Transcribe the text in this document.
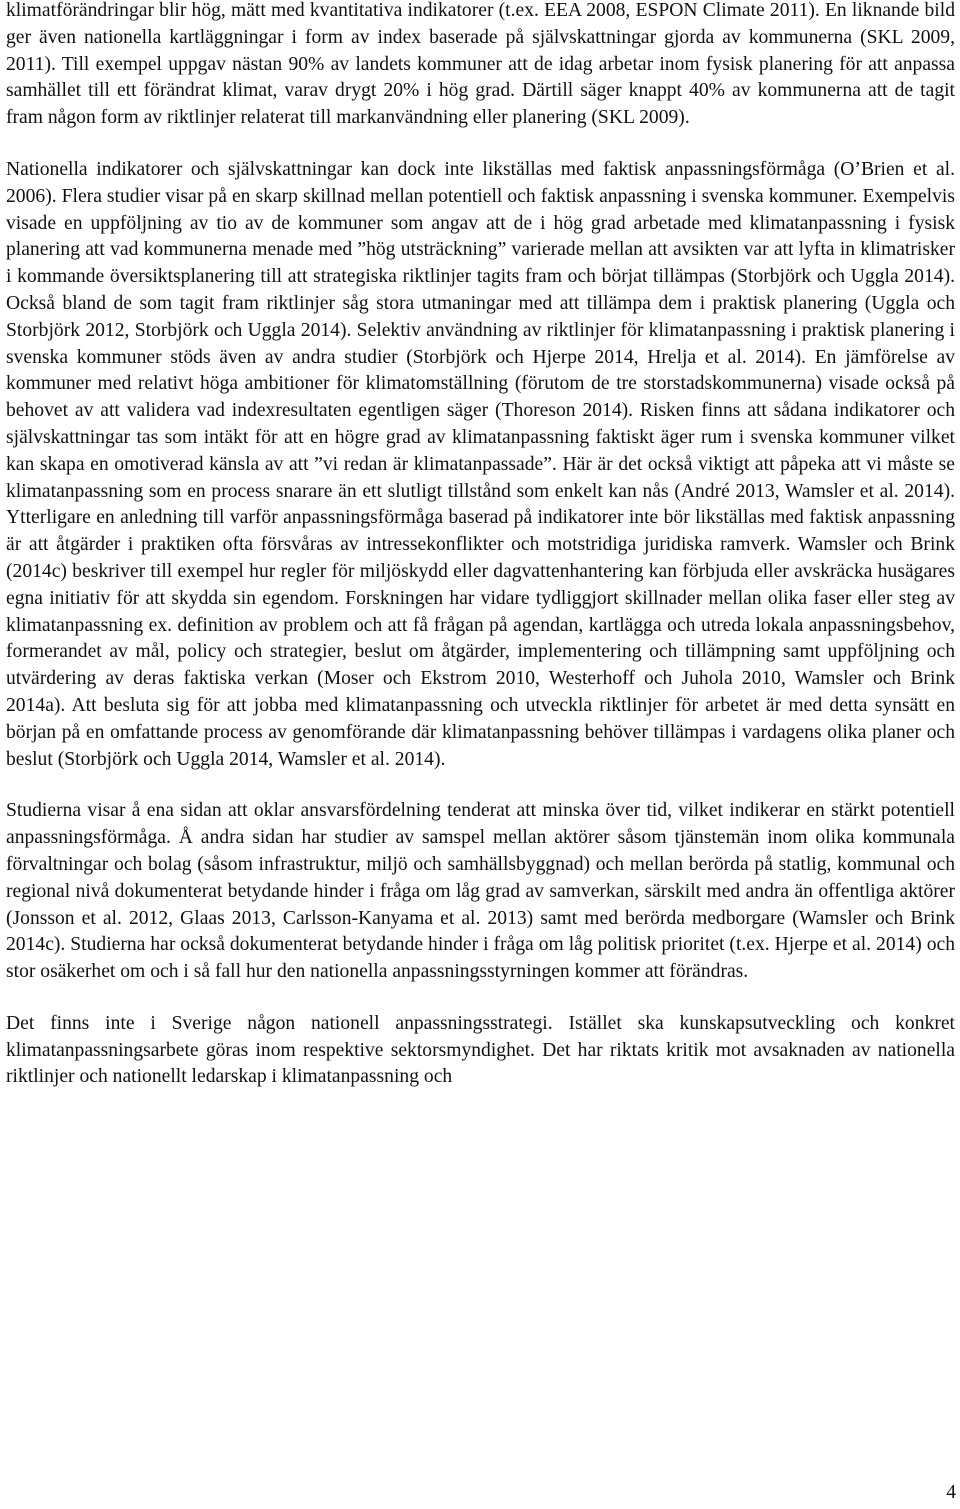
klimatförändringar blir hög, mätt med kvantitativa indikatorer (t.ex. EEA 2008, ESPON Climate 2011). En liknande bild ger även nationella kartläggningar i form av index baserade på självskattningar gjorda av kommunerna (SKL 2009, 2011). Till exempel uppgav nästan 90% av landets kommuner att de idag arbetar inom fysisk planering för att anpassa samhället till ett förändrat klimat, varav drygt 20% i hög grad. Därtill säger knappt 40% av kommunerna att de tagit fram någon form av riktlinjer relaterat till markanvändning eller planering (SKL 2009).

Nationella indikatorer och självskattningar kan dock inte likställas med faktisk anpassningsförmåga (O’Brien et al. 2006). Flera studier visar på en skarp skillnad mellan potentiell och faktisk anpassning i svenska kommuner. Exempelvis visade en uppföljning av tio av de kommuner som angav att de i hög grad arbetade med klimatanpassning i fysisk planering att vad kommunerna menade med ”hög utsträckning” varierade mellan att avsikten var att lyfta in klimatrisker i kommande översiktsplanering till att strategiska riktlinjer tagits fram och börjat tillämpas (Storbjörk och Uggla 2014). Också bland de som tagit fram riktlinjer såg stora utmaningar med att tillämpa dem i praktisk planering (Uggla och Storbjörk 2012, Storbjörk och Uggla 2014). Selektiv användning av riktlinjer för klimatanpassning i praktisk planering i svenska kommuner stöds även av andra studier (Storbjörk och Hjerpe 2014, Hrelja et al. 2014). En jämförelse av kommuner med relativt höga ambitioner för klimatomställning (förutom de tre storstadskommunerna) visade också på behovet av att validera vad indexresultaten egentligen säger (Thoreson 2014). Risken finns att sådana indikatorer och självskattningar tas som intäkt för att en högre grad av klimatanpassning faktiskt äger rum i svenska kommuner vilket kan skapa en omotiverad känsla av att ”vi redan är klimatanpassade”. Här är det också viktigt att påpeka att vi måste se klimatanpassning som en process snarare än ett slutligt tillstånd som enkelt kan nås (André 2013, Wamsler et al. 2014). Ytterligare en anledning till varför anpassningsförmåga baserad på indikatorer inte bör likställas med faktisk anpassning är att åtgärder i praktiken ofta försvåras av intressekonflikter och motstridiga juridiska ramverk. Wamsler och Brink (2014c) beskriver till exempel hur regler för miljöskydd eller dagvattenhantering kan förbjuda eller avskräcka husägares egna initiativ för att skydda sin egendom. Forskningen har vidare tydliggjort skillnader mellan olika faser eller steg av klimatanpassning ex. definition av problem och att få frågan på agendan, kartlägga och utreda lokala anpassningsbehov, formerandet av mål, policy och strategier, beslut om åtgärder, implementering och tillämpning samt uppföljning och utvärdering av deras faktiska verkan (Moser och Ekstrom 2010, Westerhoff och Juhola 2010, Wamsler och Brink 2014a). Att besluta sig för att jobba med klimatanpassning och utveckla riktlinjer för arbetet är med detta synsätt en början på en omfattande process av genomförande där klimatanpassning behöver tillämpas i vardagens olika planer och beslut (Storbjörk och Uggla 2014, Wamsler et al. 2014).

Studierna visar å ena sidan att oklar ansvarsfördelning tenderat att minska över tid, vilket indikerar en stärkt potentiell anpassningsförmåga. Å andra sidan har studier av samspel mellan aktörer såsom tjänstemän inom olika kommunala förvaltningar och bolag (såsom infrastruktur, miljö och samhällsbyggnad) och mellan berörda på statlig, kommunal och regional nivå dokumenterat betydande hinder i fråga om låg grad av samverkan, särskilt med andra än offentliga aktörer (Jonsson et al. 2012, Glaas 2013, Carlsson-Kanyama et al. 2013) samt med berörda medborgare (Wamsler och Brink 2014c). Studierna har också dokumenterat betydande hinder i fråga om låg politisk prioritet (t.ex. Hjerpe et al. 2014) och stor osäkerhet om och i så fall hur den nationella anpassningsstyrningen kommer att förändras.

Det finns inte i Sverige någon nationell anpassningsstrategi. Istället ska kunskapsutveckling och konkret klimatanpassningsarbete göras inom respektive sektorsmyndighet. Det har riktats kritik mot avsaknaden av nationella riktlinjer och nationellt ledarskap i klimatanpassning och

4
